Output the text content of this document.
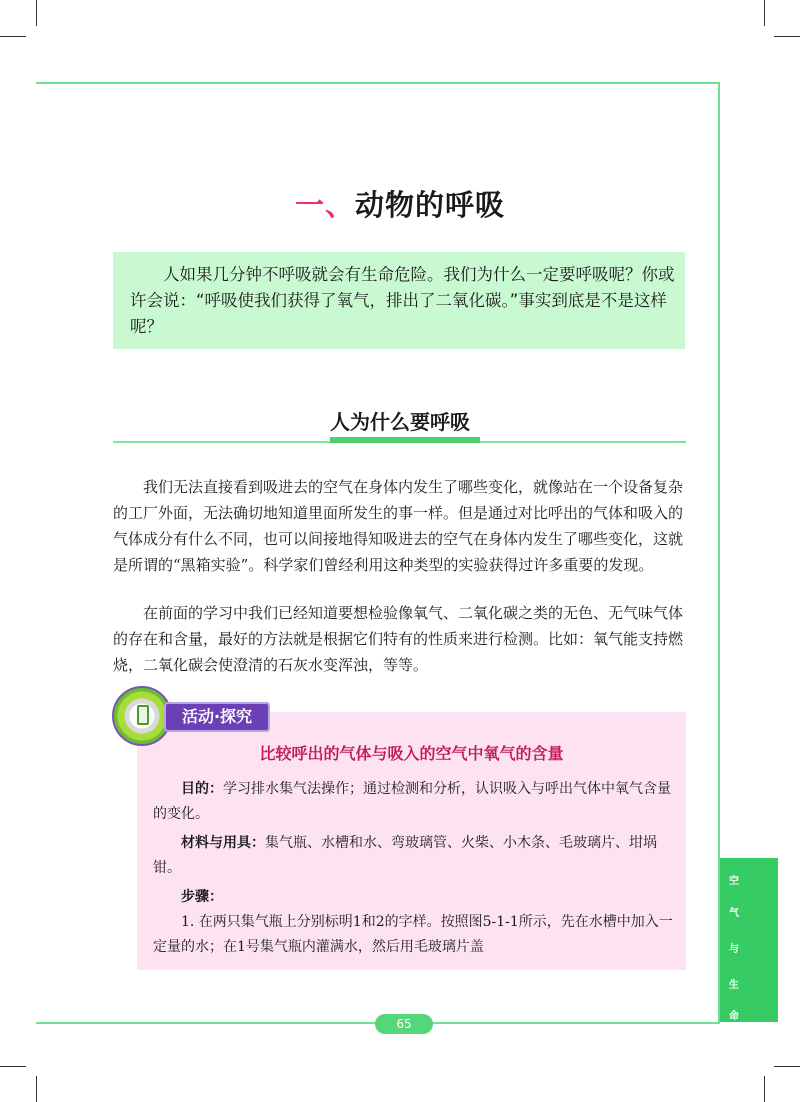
一、动物的呼吸

人如果几分钟不呼吸就会有生命危险。我们为什么一定要呼吸呢？你或许会说：“呼吸使我们获得了氧气，排出了二氧化碳。”事实到底是不是这样呢？

人为什么要呼吸

我们无法直接看到吸进去的空气在身体内发生了哪些变化，就像站在一个设备复杂的工厂外面，无法确切地知道里面所发生的事一样。但是通过对比呼出的气体和吸入的气体成分有什么不同，也可以间接地得知吸进去的空气在身体内发生了哪些变化，这就是所谓的“黑箱实验”。科学家们曾经利用这种类型的实验获得过许多重要的发现。

在前面的学习中我们已经知道要想检验像氧气、二氧化碳之类的无色、无气味气体的存在和含量，最好的方法就是根据它们特有的性质来进行检测。比如：氧气能支持燃烧，二氧化碳会使澄清的石灰水变浑浊，等等。

活动·探究
比较呼出的气体与吸入的空气中氧气的含量

目的：学习排水集气法操作；通过检测和分析，认识吸入与呼出气体中氧气含量的变化。

材料与用具：集气瓶、水槽和水、弯玻璃管、火柴、小木条、毛玻璃片、坩埚钳。

步骤：

1. 在两只集气瓶上分别标明1和2的字样。按照图5-1-1所示，先在水槽中加入一定量的水；在1号集气瓶内灌满水，然后用毛玻璃片盖

空
气
与
生
命
65
